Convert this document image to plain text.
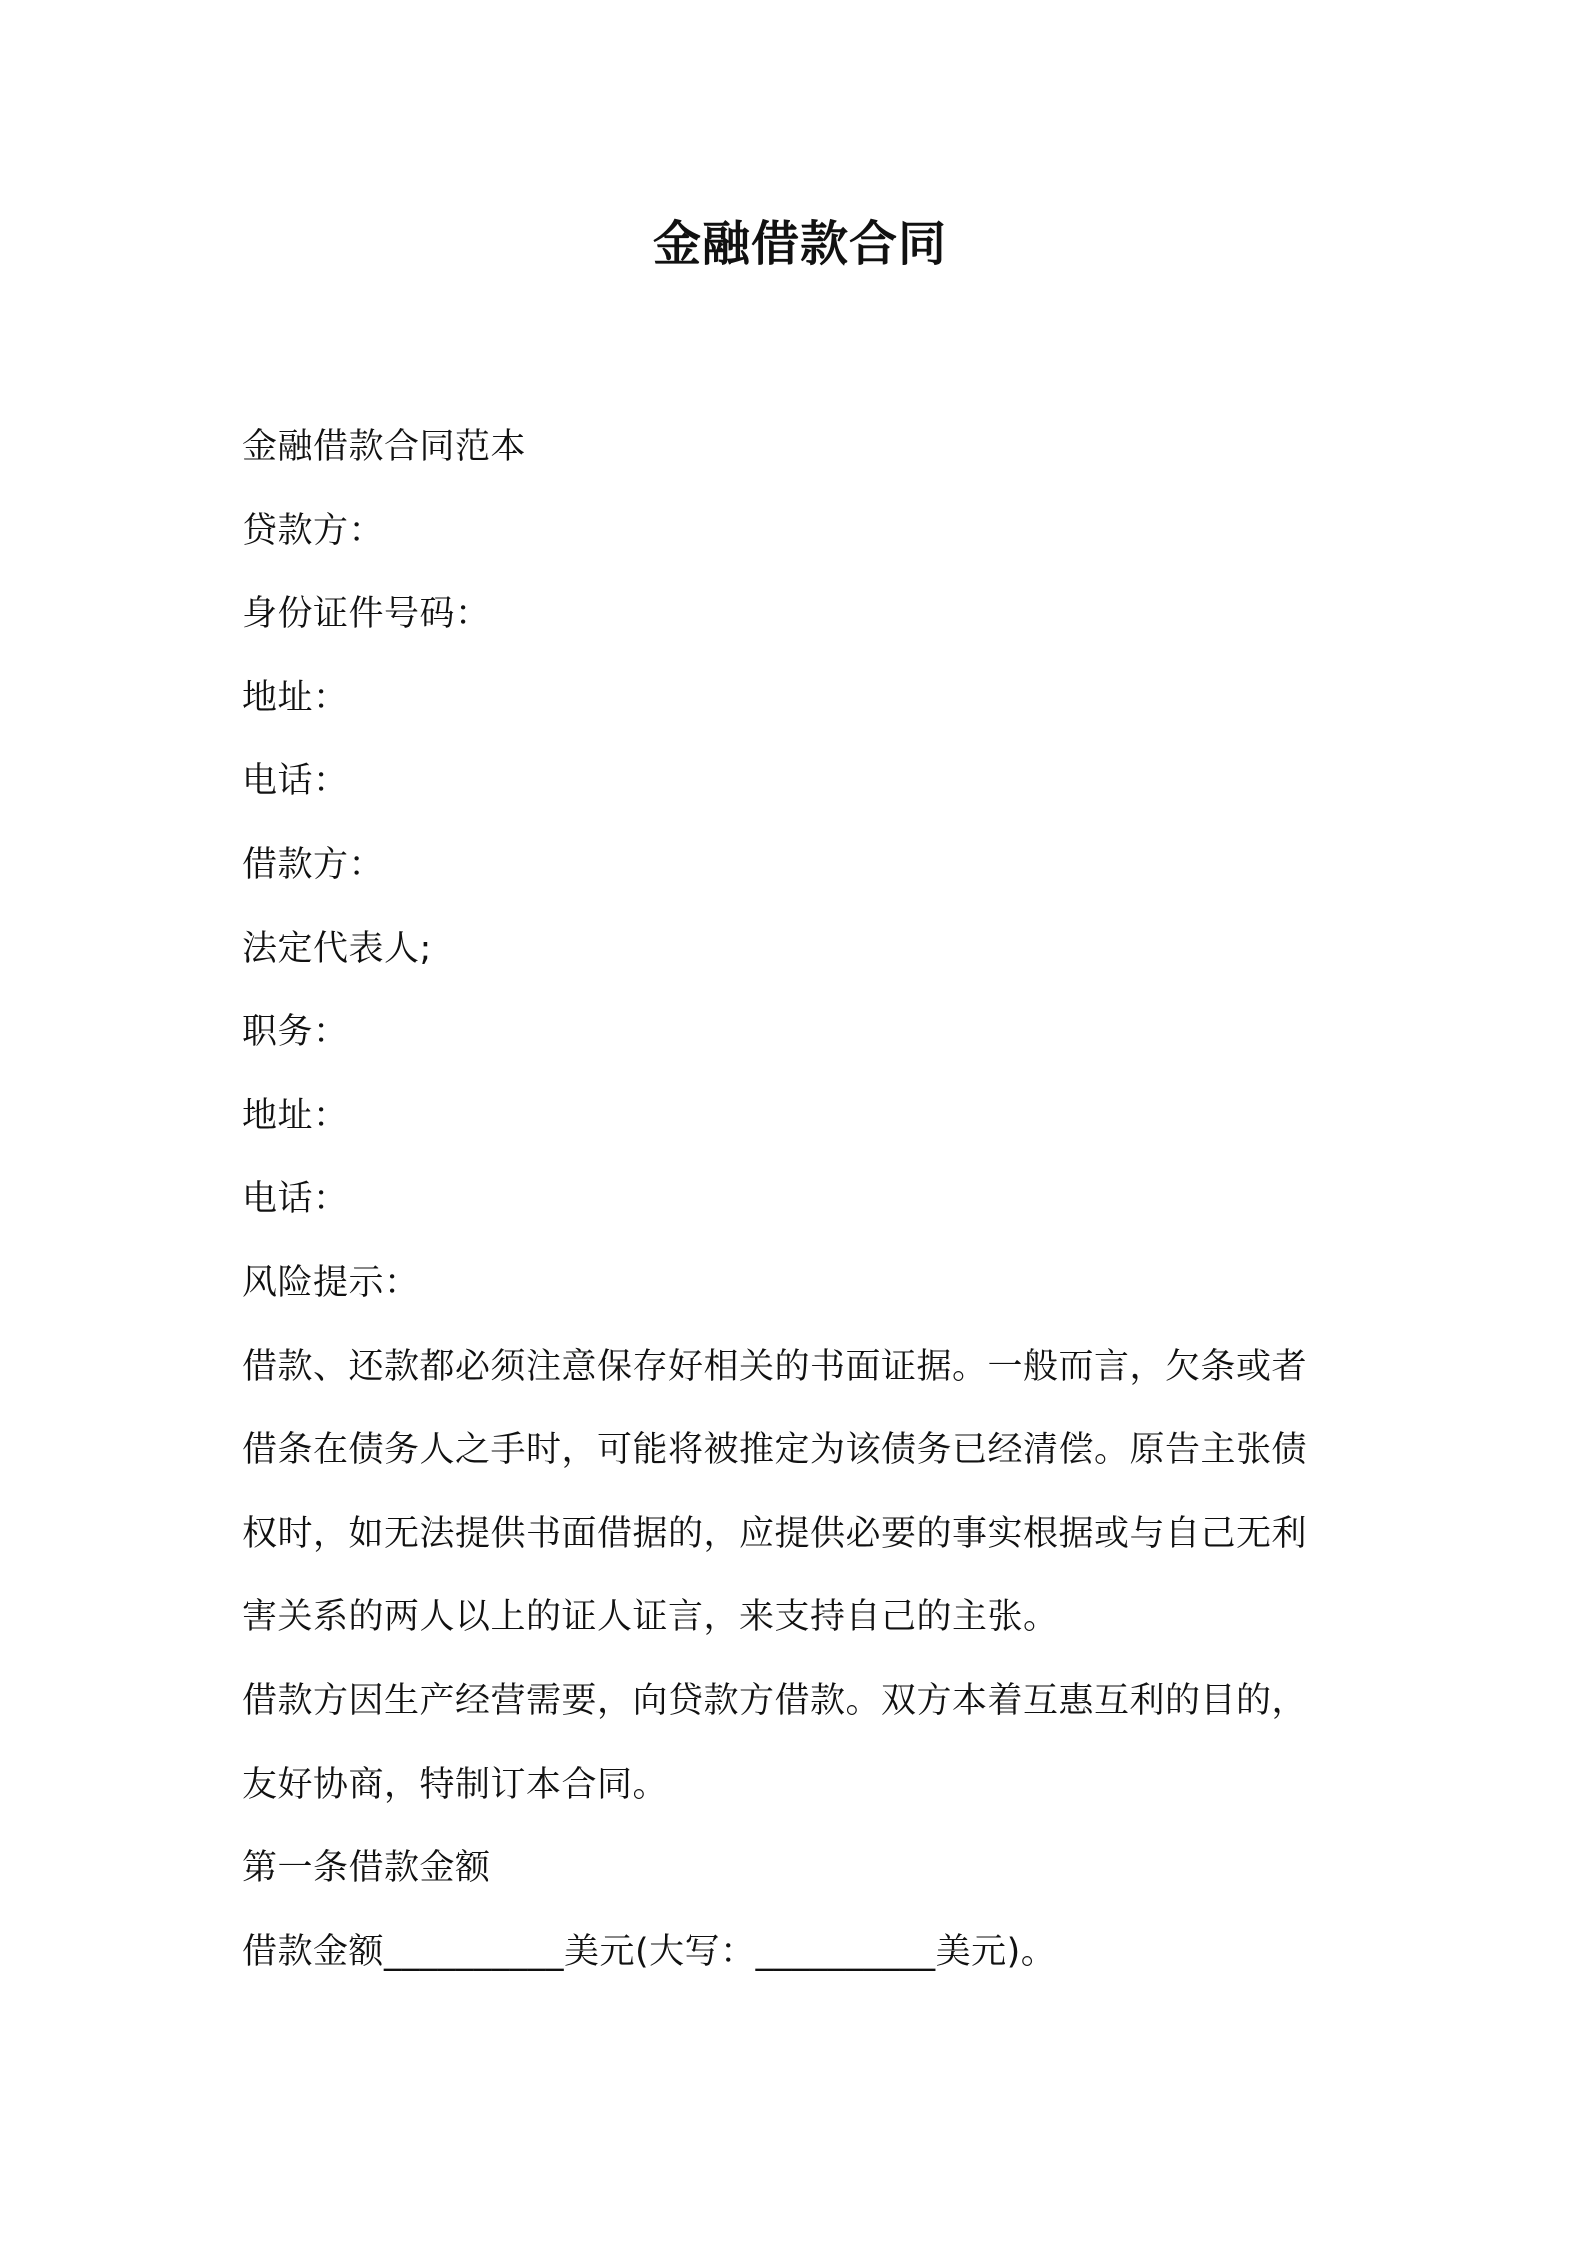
金融借款合同
金融借款合同范本
贷款方：
身份证件号码：
地址：
电话：
借款方：
法定代表人;
职务：
地址：
电话：
风险提示：
借款、还款都必须注意保存好相关的书面证据。一般而言，欠条或者
借条在债务人之手时，可能将被推定为该债务已经清偿。原告主张债
权时，如无法提供书面借据的，应提供必要的事实根据或与自己无利
害关系的两人以上的证人证言，来支持自己的主张。
借款方因生产经营需要，向贷款方借款。双方本着互惠互利的目的，
友好协商，特制订本合同。
第一条借款金额
借款金额__________美元(大写：__________美元)。
